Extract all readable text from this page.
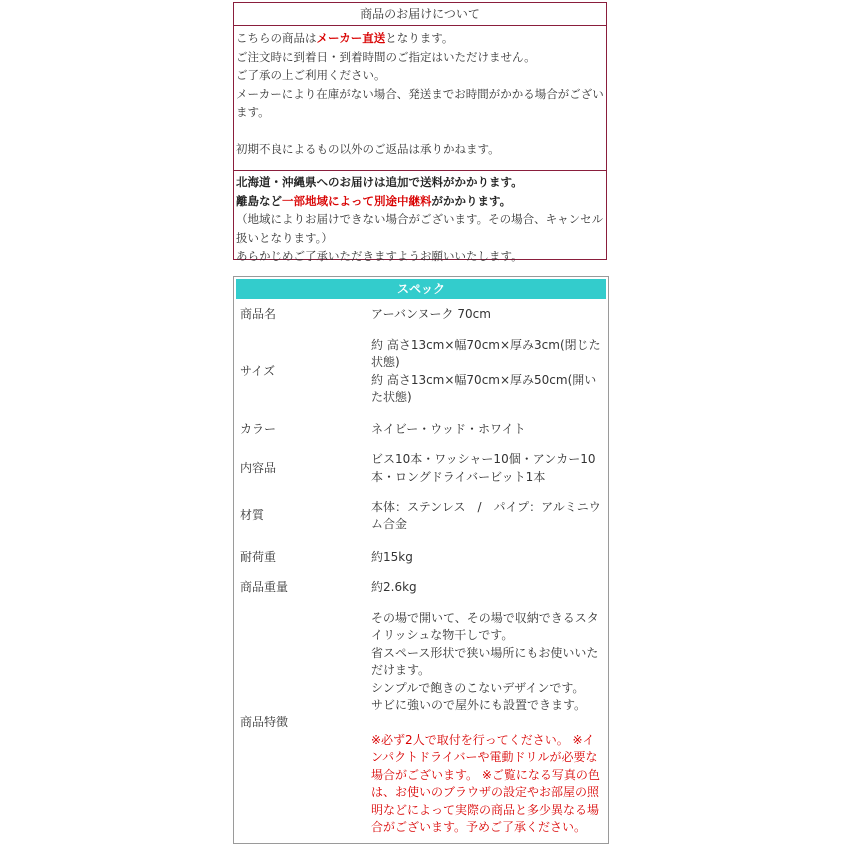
商品のお届けについて

こちらの商品はメーカー直送となります。

ご注文時に到着日・到着時間のご指定はいただけません。

ご了承の上ご利用ください。

メーカーにより在庫がない場合、発送までお時間がかかる場合がございます。

初期不良によるもの以外のご返品は承りかねます。

北海道・沖縄県へのお届けは追加で送料がかかります。

離島など一部地域によって別途中継料がかかります。

（地域によりお届けできない場合がございます。その場合、キャンセル扱いとなります。）

あらかじめご了承いただきますようお願いいたします。

スペック
商品名	アーバンヌーク 70cm
サイズ	約 高さ13cm×幅70cm×厚み3cm(閉じた状態)
約 高さ13cm×幅70cm×厚み50cm(開いた状態)

カラー	ネイビー・ウッド・ホワイト
内容品	ビス10本・ワッシャー10個・アンカー10本・ロングドライバービット1本
材質	本体：ステンレス　/　パイプ：アルミニウム合金
耐荷重	約15kg
商品重量	約2.6kg
商品特徴	その場で開いて、その場で収納できるスタイリッシュな物干しです。
省スペース形状で狭い場所にもお使いいただけます。
シンプルで飽きのこないデザインです。
サビに強いので屋外にも設置できます。
※必ず2人で取付を行ってください。 ※インパクトドライバーや電動ドリルが必要な場合がございます。 ※ご覧になる写真の色は、お使いのブラウザの設定やお部屋の照明などによって実際の商品と多少異なる場合がございます。予めご了承ください。
